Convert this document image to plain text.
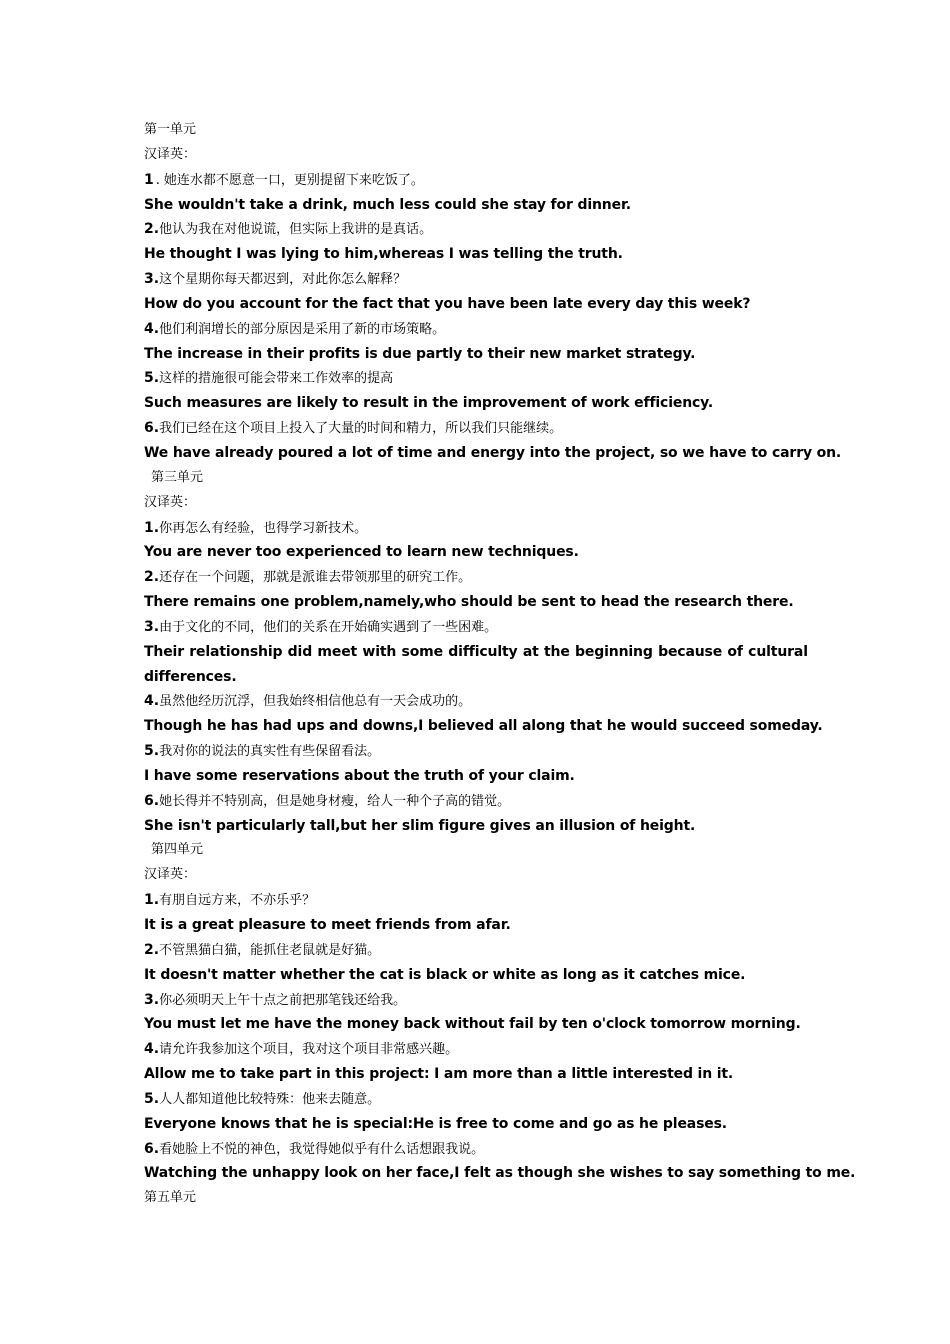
第一单元
汉译英：
1 . 她连水都不愿意一口，更别提留下来吃饭了。
She wouldn't take a drink, much less could she stay for dinner.
2.他认为我在对他说谎，但实际上我讲的是真话。
He thought I was lying to him,whereas I was telling the truth.
3.这个星期你每天都迟到，对此你怎么解释？
How do you account for the fact that you have been late every day this week?
4.他们利润增长的部分原因是采用了新的市场策略。
The increase in their profits is due partly to their new market strategy.
5.这样的措施很可能会带来工作效率的提高
Such measures are likely to result in the improvement of work efficiency.
6.我们已经在这个项目上投入了大量的时间和精力，所以我们只能继续。
We have already poured a lot of time and energy into the project, so we have to carry on.
第三单元
汉译英：
1.你再怎么有经验，也得学习新技术。
You are never too experienced to learn new techniques.
2.还存在一个问题，那就是派谁去带领那里的研究工作。
There remains one problem,namely,who should be sent to head the research there.
3.由于文化的不同，他们的关系在开始确实遇到了一些困难。
Their relationship did meet with some difficulty at the beginning because of cultural
differences.
4.虽然他经历沉浮，但我始终相信他总有一天会成功的。
Though he has had ups and downs,I believed all along that he would succeed someday.
5.我对你的说法的真实性有些保留看法。
I have some reservations about the truth of your claim.
6.她长得并不特别高，但是她身材瘦，给人一种个子高的错觉。
She isn't particularly tall,but her slim figure gives an illusion of height.
第四单元
汉译英：
1.有朋自远方来，不亦乐乎？
It is a great pleasure to meet friends from afar.
2.不管黑猫白猫，能抓住老鼠就是好猫。
It doesn't matter whether the cat is black or white as long as it catches mice.
3.你必须明天上午十点之前把那笔钱还给我。
You must let me have the money back without fail by ten o'clock tomorrow morning.
4.请允许我参加这个项目，我对这个项目非常感兴趣。
Allow me to take part in this project: I am more than a little interested in it.
5.人人都知道他比较特殊：他来去随意。
Everyone knows that he is special:He is free to come and go as he pleases.
6.看她脸上不悦的神色，我觉得她似乎有什么话想跟我说。
Watching the unhappy look on her face,I felt as though she wishes to say something to me.
第五单元
